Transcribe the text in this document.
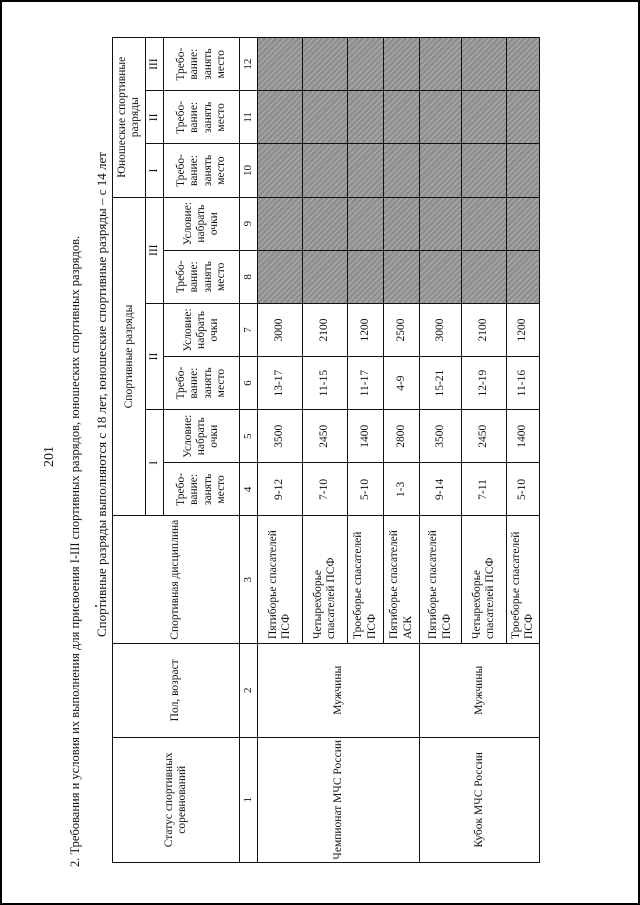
201 2. Требования и условия их выполнения для присвоения I-III спортивных разрядов, юношеских спортивных разрядов. Спортивные разряды выполняются с 18 лет, юношеские спортивные разряды – с 14 лет
Статус спортивных соревнований	Пол, возраст	Спортивная дисциплина	Спортивные разряды						Юношеские спортивные разряды		
			I		II		III		I	II	III
			Требо-вание: занять место	Условие: набрать очки	Требо-вание: занять место	Условие: набрать очки	Требо-вание: занять место	Условие: набрать очки	Требо-вание: занять место	Требо-вание: занять место	Требо-вание: занять место
1	2	3	4	5	6	7	8	9	10	11	12
Чемпионат МЧС России	Мужчины	Пятиборье спасателей ПСФ	9-12	3500	13-17	3000					
		Четырехборье спасателей ПСФ	7-10	2450	11-15	2100					
		Троеборье спасателей ПСФ	5-10	1400	11-17	1200					
		Пятиборье спасателей АСК	1-3	2800	4-9	2500					
Кубок МЧС России	Мужчины	Пятиборье спасателей ПСФ	9-14	3500	15-21	3000					
		Четырехборье спасателей ПСФ	7-11	2450	12-19	2100					
		Троеборье спасателей ПСФ	5-10	1400	11-16	1200					
